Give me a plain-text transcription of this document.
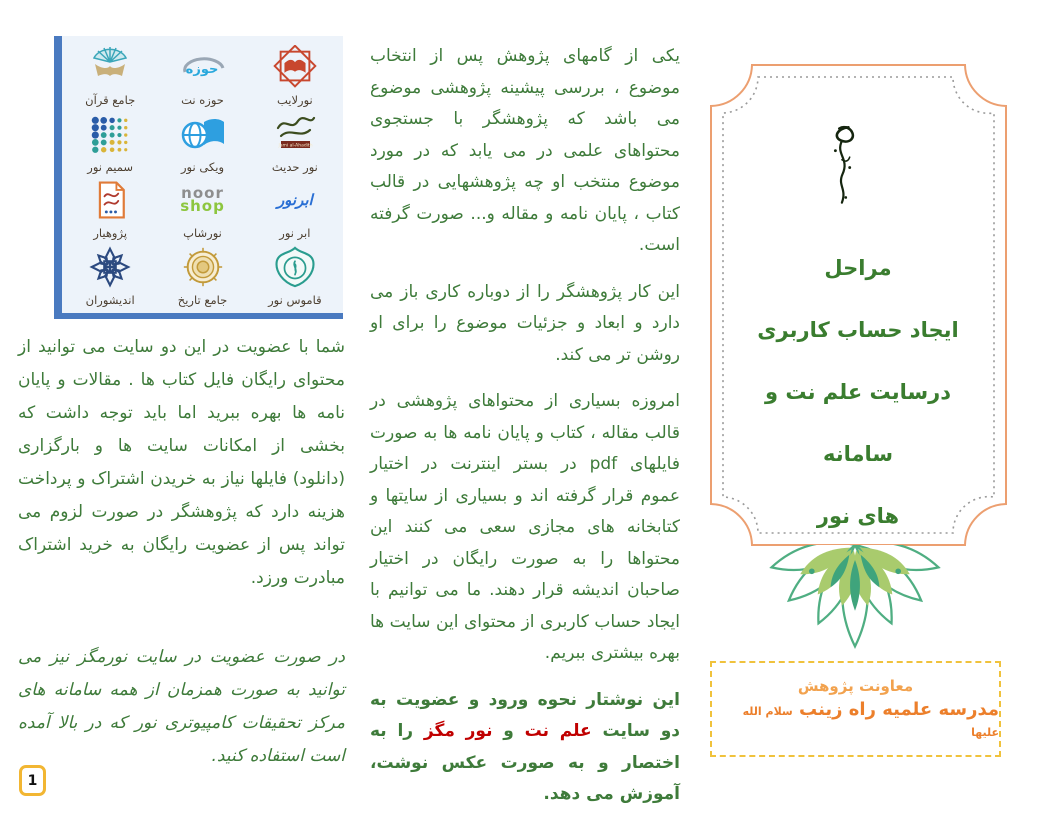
نورلایب
حوزه
حوزه نت
جامع قرآن
Jami al-Ahadith
نور حدیث
ویکی نور
سمیم نور
ابرنور
ابر نور
noor
shop
نورشاپ
پژوهیار
قاموس نور
جامع تاریخ
اندیشوران
شما با عضویت در این دو سایت می توانید از محتوای رایگان فایل کتاب ها . مقالات و پایان نامه ها بهره ببرید اما باید توجه داشت که بخشی از امکانات سایت ها و بارگزاری (دانلود) فایلها نیاز به خریدن اشتراک و پرداخت هزینه دارد که پژوهشگر در صورت لزوم می تواند پس از عضویت رایگان به خرید اشتراک مبادرت ورزد.
در صورت عضویت در سایت نورمگز نیز می توانید به صورت همزمان از همه سامانه های مرکز تحقیقات کامپیوتری نور که در بالا آمده است استفاده کنید.

یکی از گامهای پژوهش پس از انتخاب موضوع ، بررسی پیشینه پژوهشی موضوع می باشد که پژوهشگر با جستجوی محتواهای علمی در می یابد که در مورد موضوع منتخب او چه پژوهشهایی در قالب کتاب ، پایان نامه و مقاله و... صورت گرفته است.

این کار پژوهشگر را از دوباره کاری باز می دارد و ابعاد و جزئیات موضوع را برای او روشن تر می کند.

امروزه بسیاری از محتواهای پژوهشی در قالب مقاله ، کتاب و پایان نامه ها به صورت فایلهای pdf در بستر اینترنت در اختیار عموم قرار گرفته اند و بسیاری از سایتها و کتابخانه های مجازی سعی می کنند این محتواها را به صورت رایگان در اختیار صاحبان اندیشه قرار دهند. ما می توانیم با ایجاد حساب کاربری از محتوای این سایت ها بهره بیشتری ببریم.

این نوشتار نحوه ورود و عضویت به دو سایت علم نت و نور مگز را به اختصار و به صورت عکس نوشت، آموزش می دهد.

مراحل
ایجاد حساب کاربری
درسایت علم نت و سامانه
های نور
معاونت پژوهش
مدرسه علمیه راه زینب سلام الله علیها
1
